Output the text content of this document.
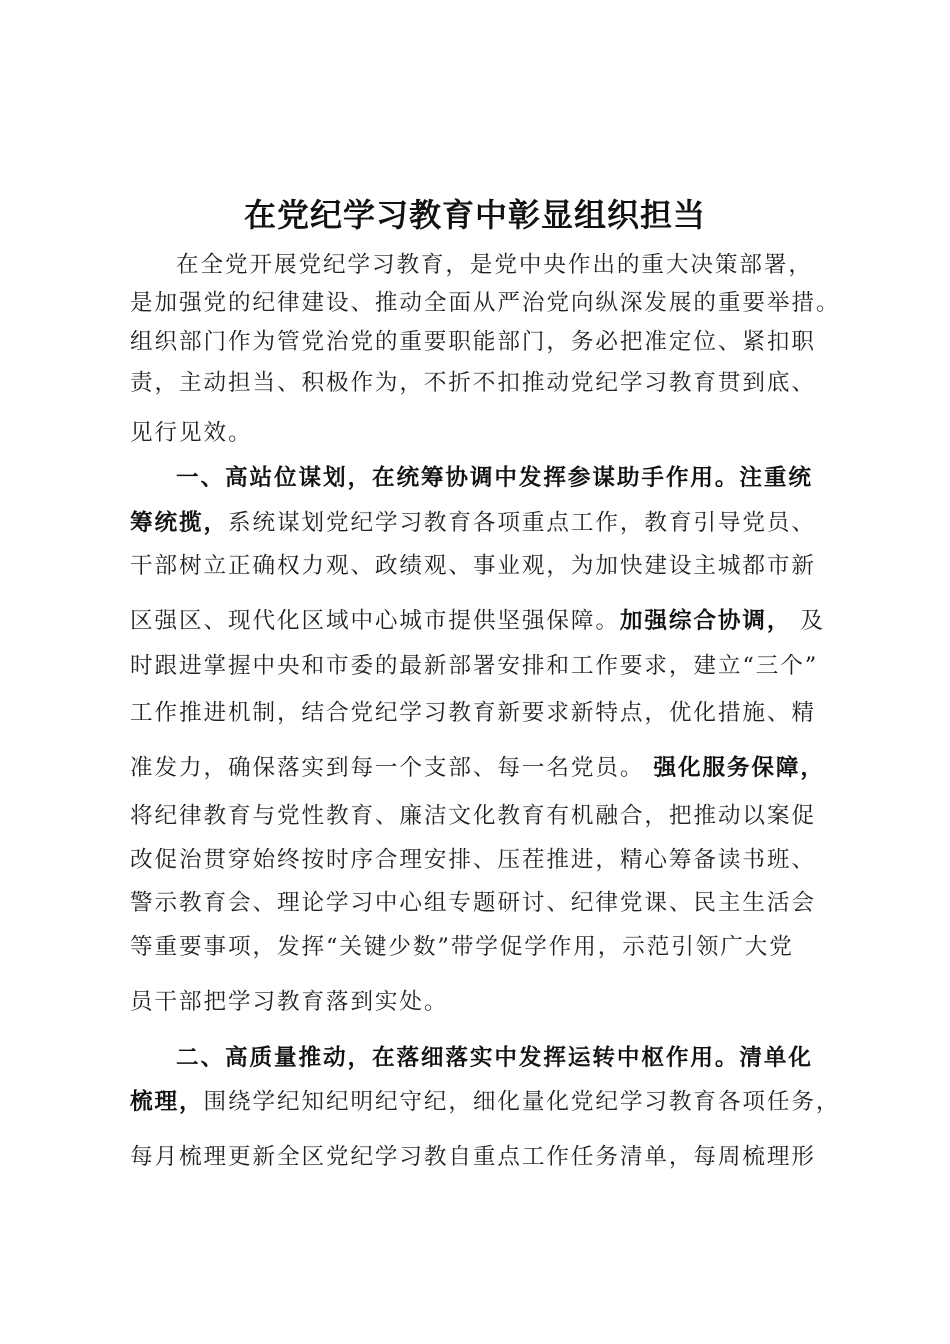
在党纪学习教育中彰显组织担当

在全党开展党纪学习教育，是党中央作出的重大决策部署，

是加强党的纪律建设、推动全面从严治党向纵深发展的重要举措。

组织部门作为管党治党的重要职能部门，务必把准定位、紧扣职

责，主动担当、积极作为，不折不扣推动党纪学习教育贯到底、

见行见效。

一、高站位谋划，在统筹协调中发挥参谋助手作用。注重统

筹统揽，系统谋划党纪学习教育各项重点工作，教育引导党员、

干部树立正确权力观、政绩观、事业观，为加快建设主城都市新

区强区、现代化区域中心城市提供坚强保障。加强综合协调， 及

时跟进掌握中央和市委的最新部署安排和工作要求，建立“三个”

工作推进机制，结合党纪学习教育新要求新特点，优化措施、精

准发力，确保落实到每一个支部、每一名党员。 强化服务保障，

将纪律教育与党性教育、廉洁文化教育有机融合，把推动以案促

改促治贯穿始终按时序合理安排、压茬推进，精心筹备读书班、

警示教育会、理论学习中心组专题研讨、纪律党课、民主生活会

等重要事项，发挥“关键少数”带学促学作用，示范引领广大党

员干部把学习教育落到实处。

二、高质量推动，在落细落实中发挥运转中枢作用。清单化

梳理，围绕学纪知纪明纪守纪，细化量化党纪学习教育各项任务，

每月梳理更新全区党纪学习教自重点工作任务清单，每周梳理形
